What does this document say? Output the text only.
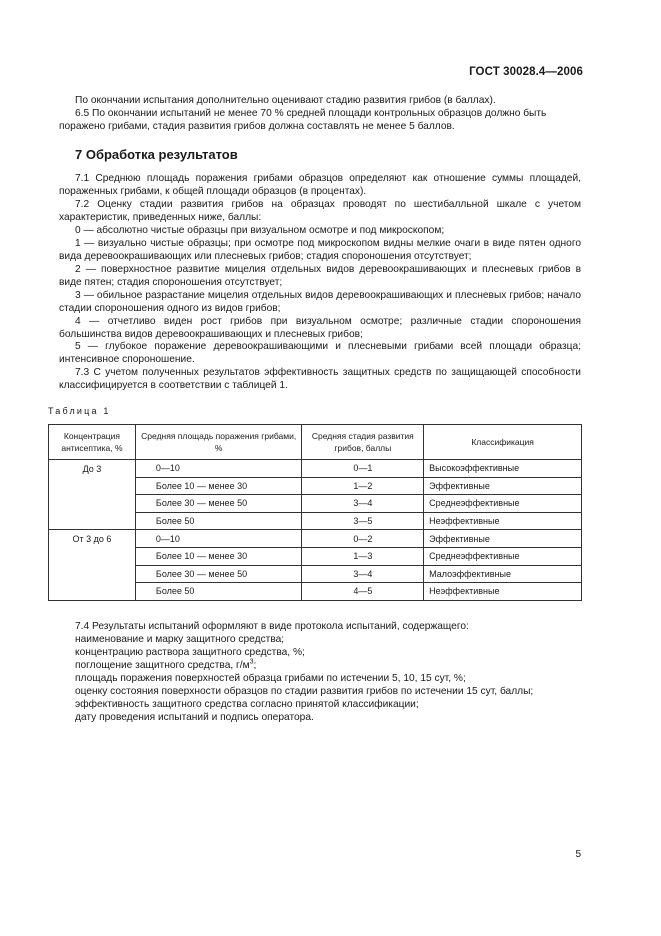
ГОСТ 30028.4—2006

По окончании испытания дополнительно оценивают стадию развития грибов (в баллах).

6.5 По окончании испытаний не менее 70 % средней площади контрольных образцов должно быть поражено грибами, стадия развития грибов должна составлять не менее 5 баллов.

7 Обработка результатов

7.1 Среднюю площадь поражения грибами образцов определяют как отношение суммы площадей, пораженных грибами, к общей площади образцов (в процентах).

7.2 Оценку стадии развития грибов на образцах проводят по шестибалльной шкале с учетом характеристик, приведенных ниже, баллы:

0 — абсолютно чистые образцы при визуальном осмотре и под микроскопом;

1 — визуально чистые образцы; при осмотре под микроскопом видны мелкие очаги в виде пятен одного вида деревоокрашивающих или плесневых грибов; стадия спороношения отсутствует;

2 — поверхностное развитие мицелия отдельных видов деревоокрашивающих и плесневых грибов в виде пятен; стадия спороношения отсутствует;

3 — обильное разрастание мицелия отдельных видов деревоокрашивающих и плесневых грибов; начало стадии спороношения одного из видов грибов;

4 — отчетливо виден рост грибов при визуальном осмотре; различные стадии спороношения большинства видов деревоокрашивающих и плесневых грибов;

5 — глубокое поражение деревоокрашивающими и плесневыми грибами всей площади образца; интенсивное спороношение.

7.3 С учетом полученных результатов эффективность защитных средств по защищающей способности классифицируется в соответствии с таблицей 1.

Таблица 1
Концентрация антисептика, %	Средняя площадь поражения грибами, %	Средняя стадия развития грибов, баллы	Классификация
До 3	0—10	0—1	Высокоэффективные
	Более 10 — менее 30	1—2	Эффективные
	Более 30 — менее 50	3—4	Среднеэффективные
	Более 50	3—5	Неэффективные
От 3 до 6	0—10	0—2	Эффективные
	Более 10 — менее 30	1—3	Среднеэффективные
	Более 30 — менее 50	3—4	Малоэффективные
	Более 50	4—5	Неэффективные

7.4 Результаты испытаний оформляют в виде протокола испытаний, содержащего:

наименование и марку защитного средства;

концентрацию раствора защитного средства, %;

поглощение защитного средства, $г/м^3$;

площадь поражения поверхностей образца грибами по истечении 5, 10, 15 сут, %;

оценку состояния поверхности образцов по стадии развития грибов по истечении 15 сут, баллы;

эффективность защитного средства согласно принятой классификации;

дату проведения испытаний и подпись оператора.

5
